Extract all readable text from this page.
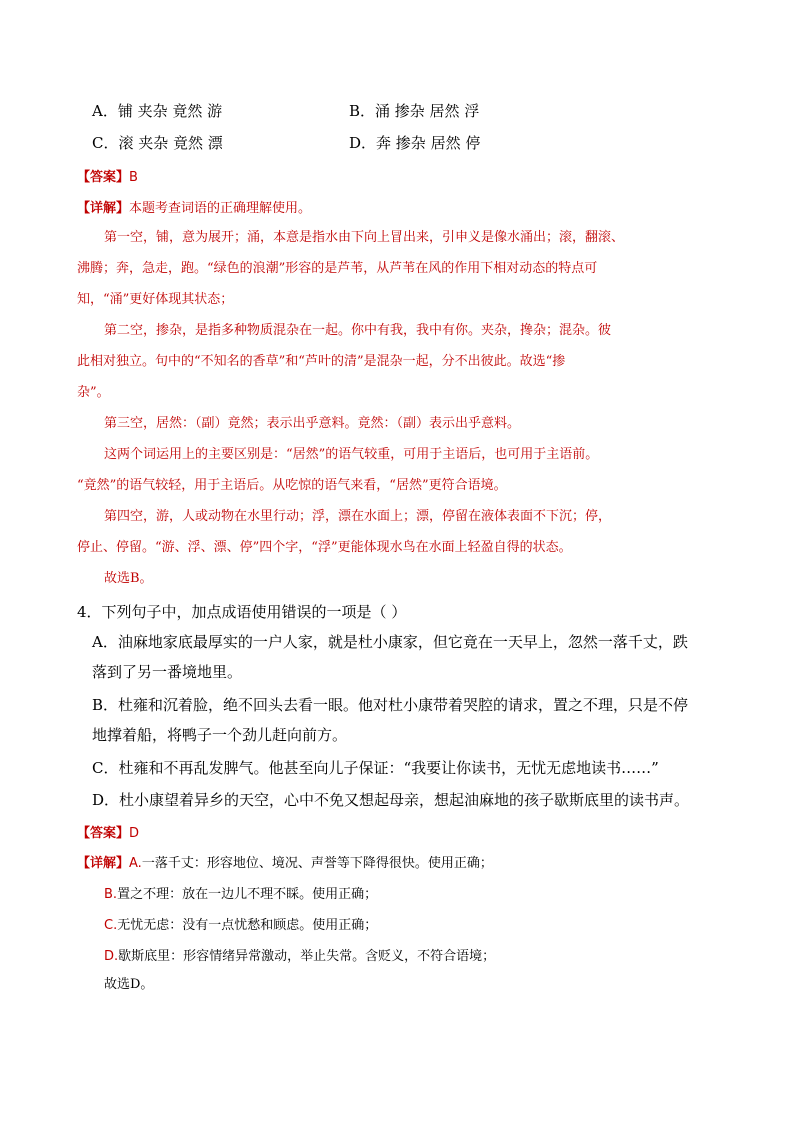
A．铺 夹杂 竟然 游	B．涌 掺杂 居然 浮
C．滚 夹杂 竟然 漂	D．奔 掺杂 居然 停
【答案】B
【详解】本题考查词语的正确理解使用。
第一空，铺，意为展开；涌，本意是指水由下向上冒出来，引申义是像水涌出；滚，翻滚、
沸腾；奔，急走，跑。“绿色的浪潮”形容的是芦苇，从芦苇在风的作用下相对动态的特点可
知，“涌”更好体现其状态；
第二空，掺杂，是指多种物质混杂在一起。你中有我，我中有你。夹杂，搀杂；混杂。彼
此相对独立。句中的“不知名的香草”和“芦叶的清”是混杂一起，分不出彼此。故选“掺
杂”。
第三空，居然：（副）竟然；表示出乎意料。竟然：（副）表示出乎意料。
这两个词运用上的主要区别是：“居然”的语气较重，可用于主语后，也可用于主语前。
“竟然”的语气较轻，用于主语后。从吃惊的语气来看，“居然”更符合语境。
第四空，游，人或动物在水里行动；浮，漂在水面上；漂，停留在液体表面不下沉；停，
停止、停留。“游、浮、漂、停”四个字，“浮”更能体现水鸟在水面上轻盈自得的状态。
故选B。
4．下列句子中，加点成语使用错误的一项是（ ）
A．油麻地家底最厚实的一户人家，就是杜小康家，但它竟在一天早上，忽然一落千丈，跌
落到了另一番境地里。
B．杜雍和沉着脸，绝不回头去看一眼。他对杜小康带着哭腔的请求，置之不理，只是不停
地撑着船，将鸭子一个劲儿赶向前方。
C．杜雍和不再乱发脾气。他甚至向儿子保证：“我要让你读书，无忧无虑地读书……”
D．杜小康望着异乡的天空，心中不免又想起母亲，想起油麻地的孩子歇斯底里的读书声。
【答案】D
【详解】A.一落千丈：形容地位、境况、声誉等下降得很快。使用正确；
B.置之不理：放在一边儿不理不睬。使用正确；
C.无忧无虑：没有一点忧愁和顾虑。使用正确；
D.歇斯底里：形容情绪异常激动，举止失常。含贬义，不符合语境；
故选D。
